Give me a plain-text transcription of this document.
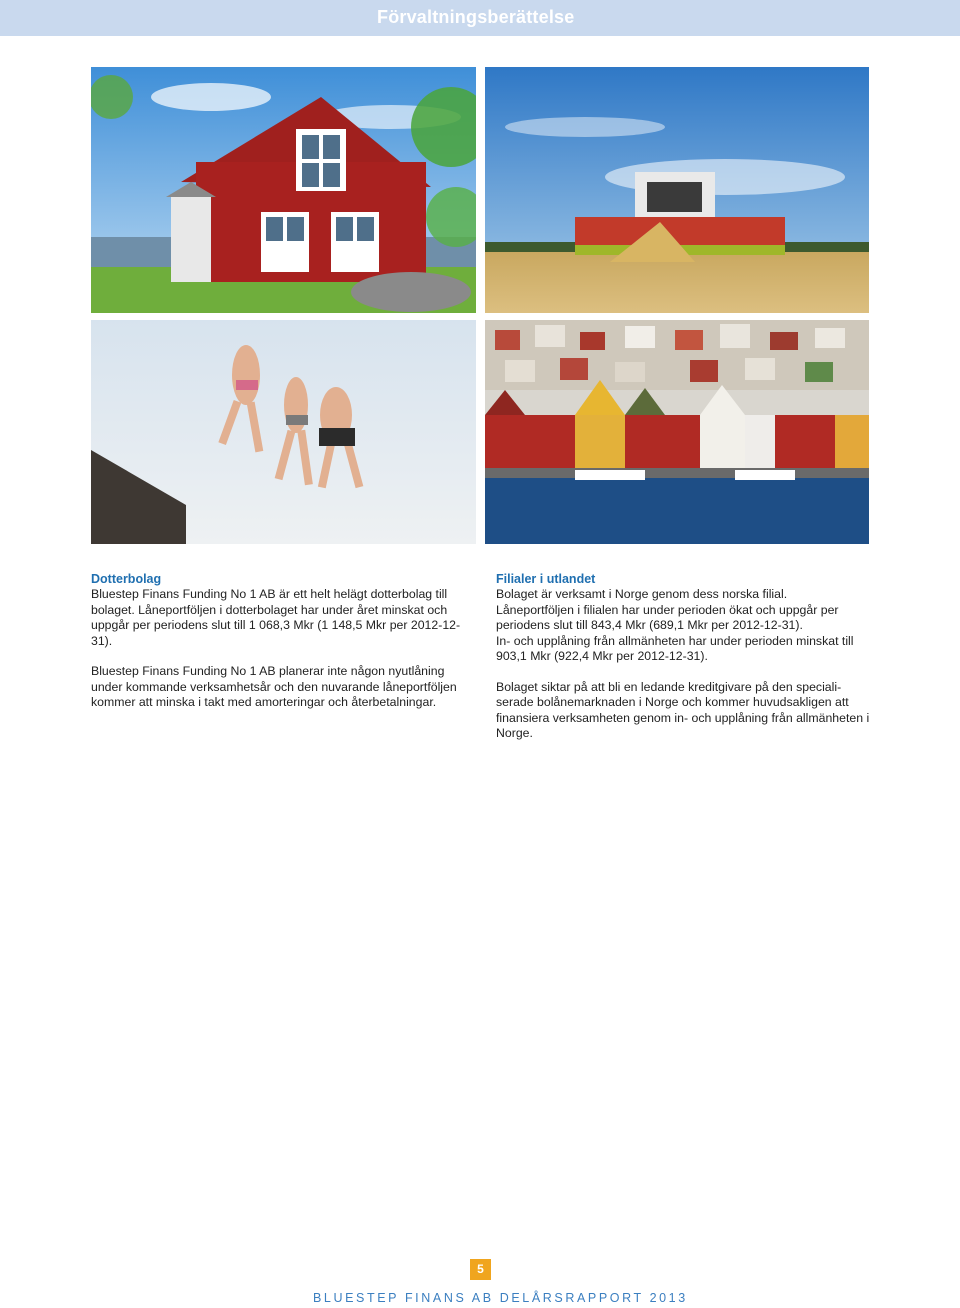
Förvaltningsberättelse
Dotterbolag

Bluestep Finans Funding No 1 AB är ett helt helägt dotterbolag till bolaget. Låneportföljen i dotterbolaget har under året minskat och uppgår per periodens slut till 1 068,3 Mkr (1 148,5 Mkr per 2012-12-31).

Bluestep Finans Funding No 1 AB planerar inte någon nyutlåning under kommande verksamhetsår och den nuvarande låneportföljen kommer att minska i takt med amorteringar och återbetalningar.

Filialer i utlandet

Bolaget är verksamt i Norge genom dess norska filial.

Låneportföljen i filialen har under perioden ökat och uppgår per periodens slut till 843,4 Mkr (689,1 Mkr per 2012-12-31).

In- och upplåning från allmänheten har under perioden minskat till 903,1 Mkr (922,4 Mkr per 2012-12-31).

Bolaget siktar på att bli en ledande kreditgivare på den speciali-serade bolånemarknaden i Norge och kommer huvudsakligen att finansiera verksamheten genom in- och upplåning från allmänheten i Norge.

5
BLUESTEP FINANS AB DELÅRSRAPPORT 2013
